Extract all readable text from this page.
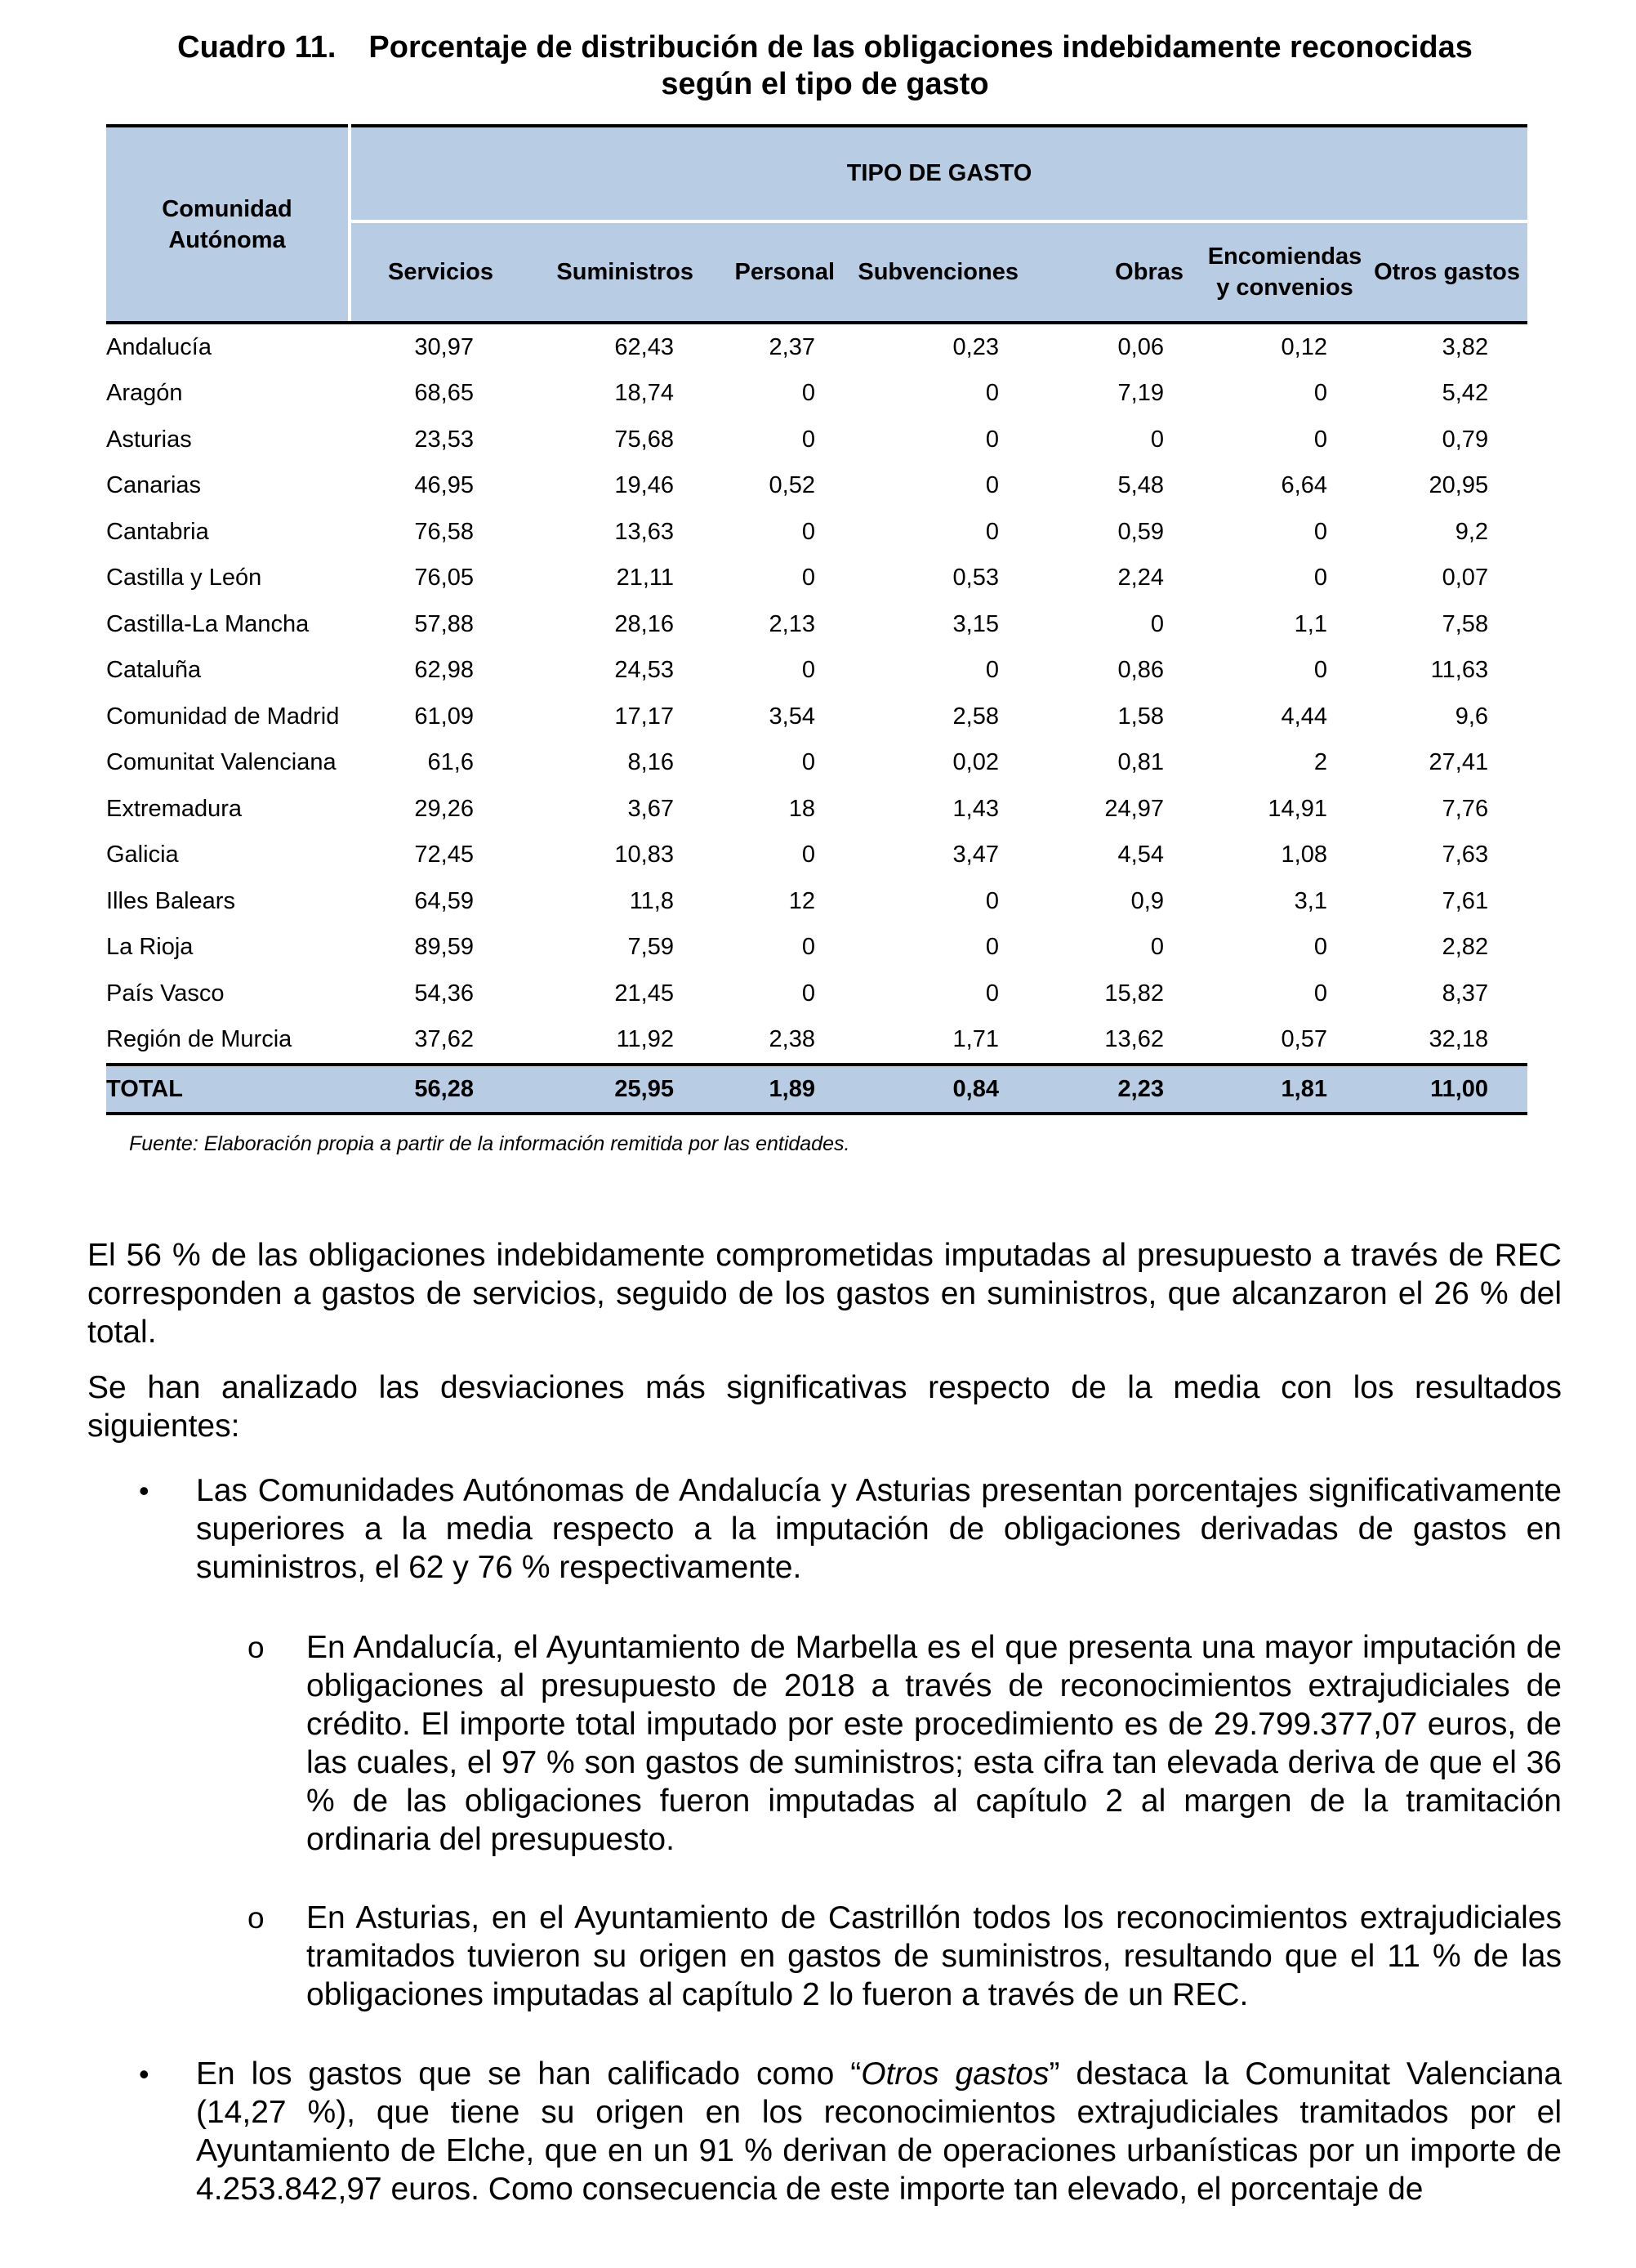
Cuadro 11. Porcentaje de distribución de las obligaciones indebidamente reconocidas
según el tipo de gasto
Comunidad Autónoma	TIPO DE GASTO						
	Servicios	Suministros	Personal	Subvenciones	Obras	Encomiendas y convenios	Otros gastos
Andalucía	30,97	62,43	2,37	0,23	0,06	0,12	3,82
Aragón	68,65	18,74	0	0	7,19	0	5,42
Asturias	23,53	75,68	0	0	0	0	0,79
Canarias	46,95	19,46	0,52	0	5,48	6,64	20,95
Cantabria	76,58	13,63	0	0	0,59	0	9,2
Castilla y León	76,05	21,11	0	0,53	2,24	0	0,07
Castilla-La Mancha	57,88	28,16	2,13	3,15	0	1,1	7,58
Cataluña	62,98	24,53	0	0	0,86	0	11,63
Comunidad de Madrid	61,09	17,17	3,54	2,58	1,58	4,44	9,6
Comunitat Valenciana	61,6	8,16	0	0,02	0,81	2	27,41
Extremadura	29,26	3,67	18	1,43	24,97	14,91	7,76
Galicia	72,45	10,83	0	3,47	4,54	1,08	7,63
Illes Balears	64,59	11,8	12	0	0,9	3,1	7,61
La Rioja	89,59	7,59	0	0	0	0	2,82
País Vasco	54,36	21,45	0	0	15,82	0	8,37
Región de Murcia	37,62	11,92	2,38	1,71	13,62	0,57	32,18
TOTAL	56,28	25,95	1,89	0,84	2,23	1,81	11,00
Fuente: Elaboración propia a partir de la información remitida por las entidades.
El 56 % de las obligaciones indebidamente comprometidas imputadas al presupuesto a través de REC corresponden a gastos de servicios, seguido de los gastos en suministros, que alcanzaron el 26 % del total.
Se han analizado las desviaciones más significativas respecto de la media con los resultados siguientes:
• Las Comunidades Autónomas de Andalucía y Asturias presentan porcentajes significativamente superiores a la media respecto a la imputación de obligaciones derivadas de gastos en suministros, el 62 y 76 % respectivamente.
o En Andalucía, el Ayuntamiento de Marbella es el que presenta una mayor imputación de obligaciones al presupuesto de 2018 a través de reconocimientos extrajudiciales de crédito. El importe total imputado por este procedimiento es de 29.799.377,07 euros, de las cuales, el 97 % son gastos de suministros; esta cifra tan elevada deriva de que el 36 % de las obligaciones fueron imputadas al capítulo 2 al margen de la tramitación ordinaria del presupuesto.
o En Asturias, en el Ayuntamiento de Castrillón todos los reconocimientos extrajudiciales tramitados tuvieron su origen en gastos de suministros, resultando que el 11 % de las obligaciones imputadas al capítulo 2 lo fueron a través de un REC.
• En los gastos que se han calificado como “Otros gastos” destaca la Comunitat Valenciana (14,27 %), que tiene su origen en los reconocimientos extrajudiciales tramitados por el Ayuntamiento de Elche, que en un 91 % derivan de operaciones urbanísticas por un importe de 4.253.842,97 euros. Como consecuencia de este importe tan elevado, el porcentaje de
